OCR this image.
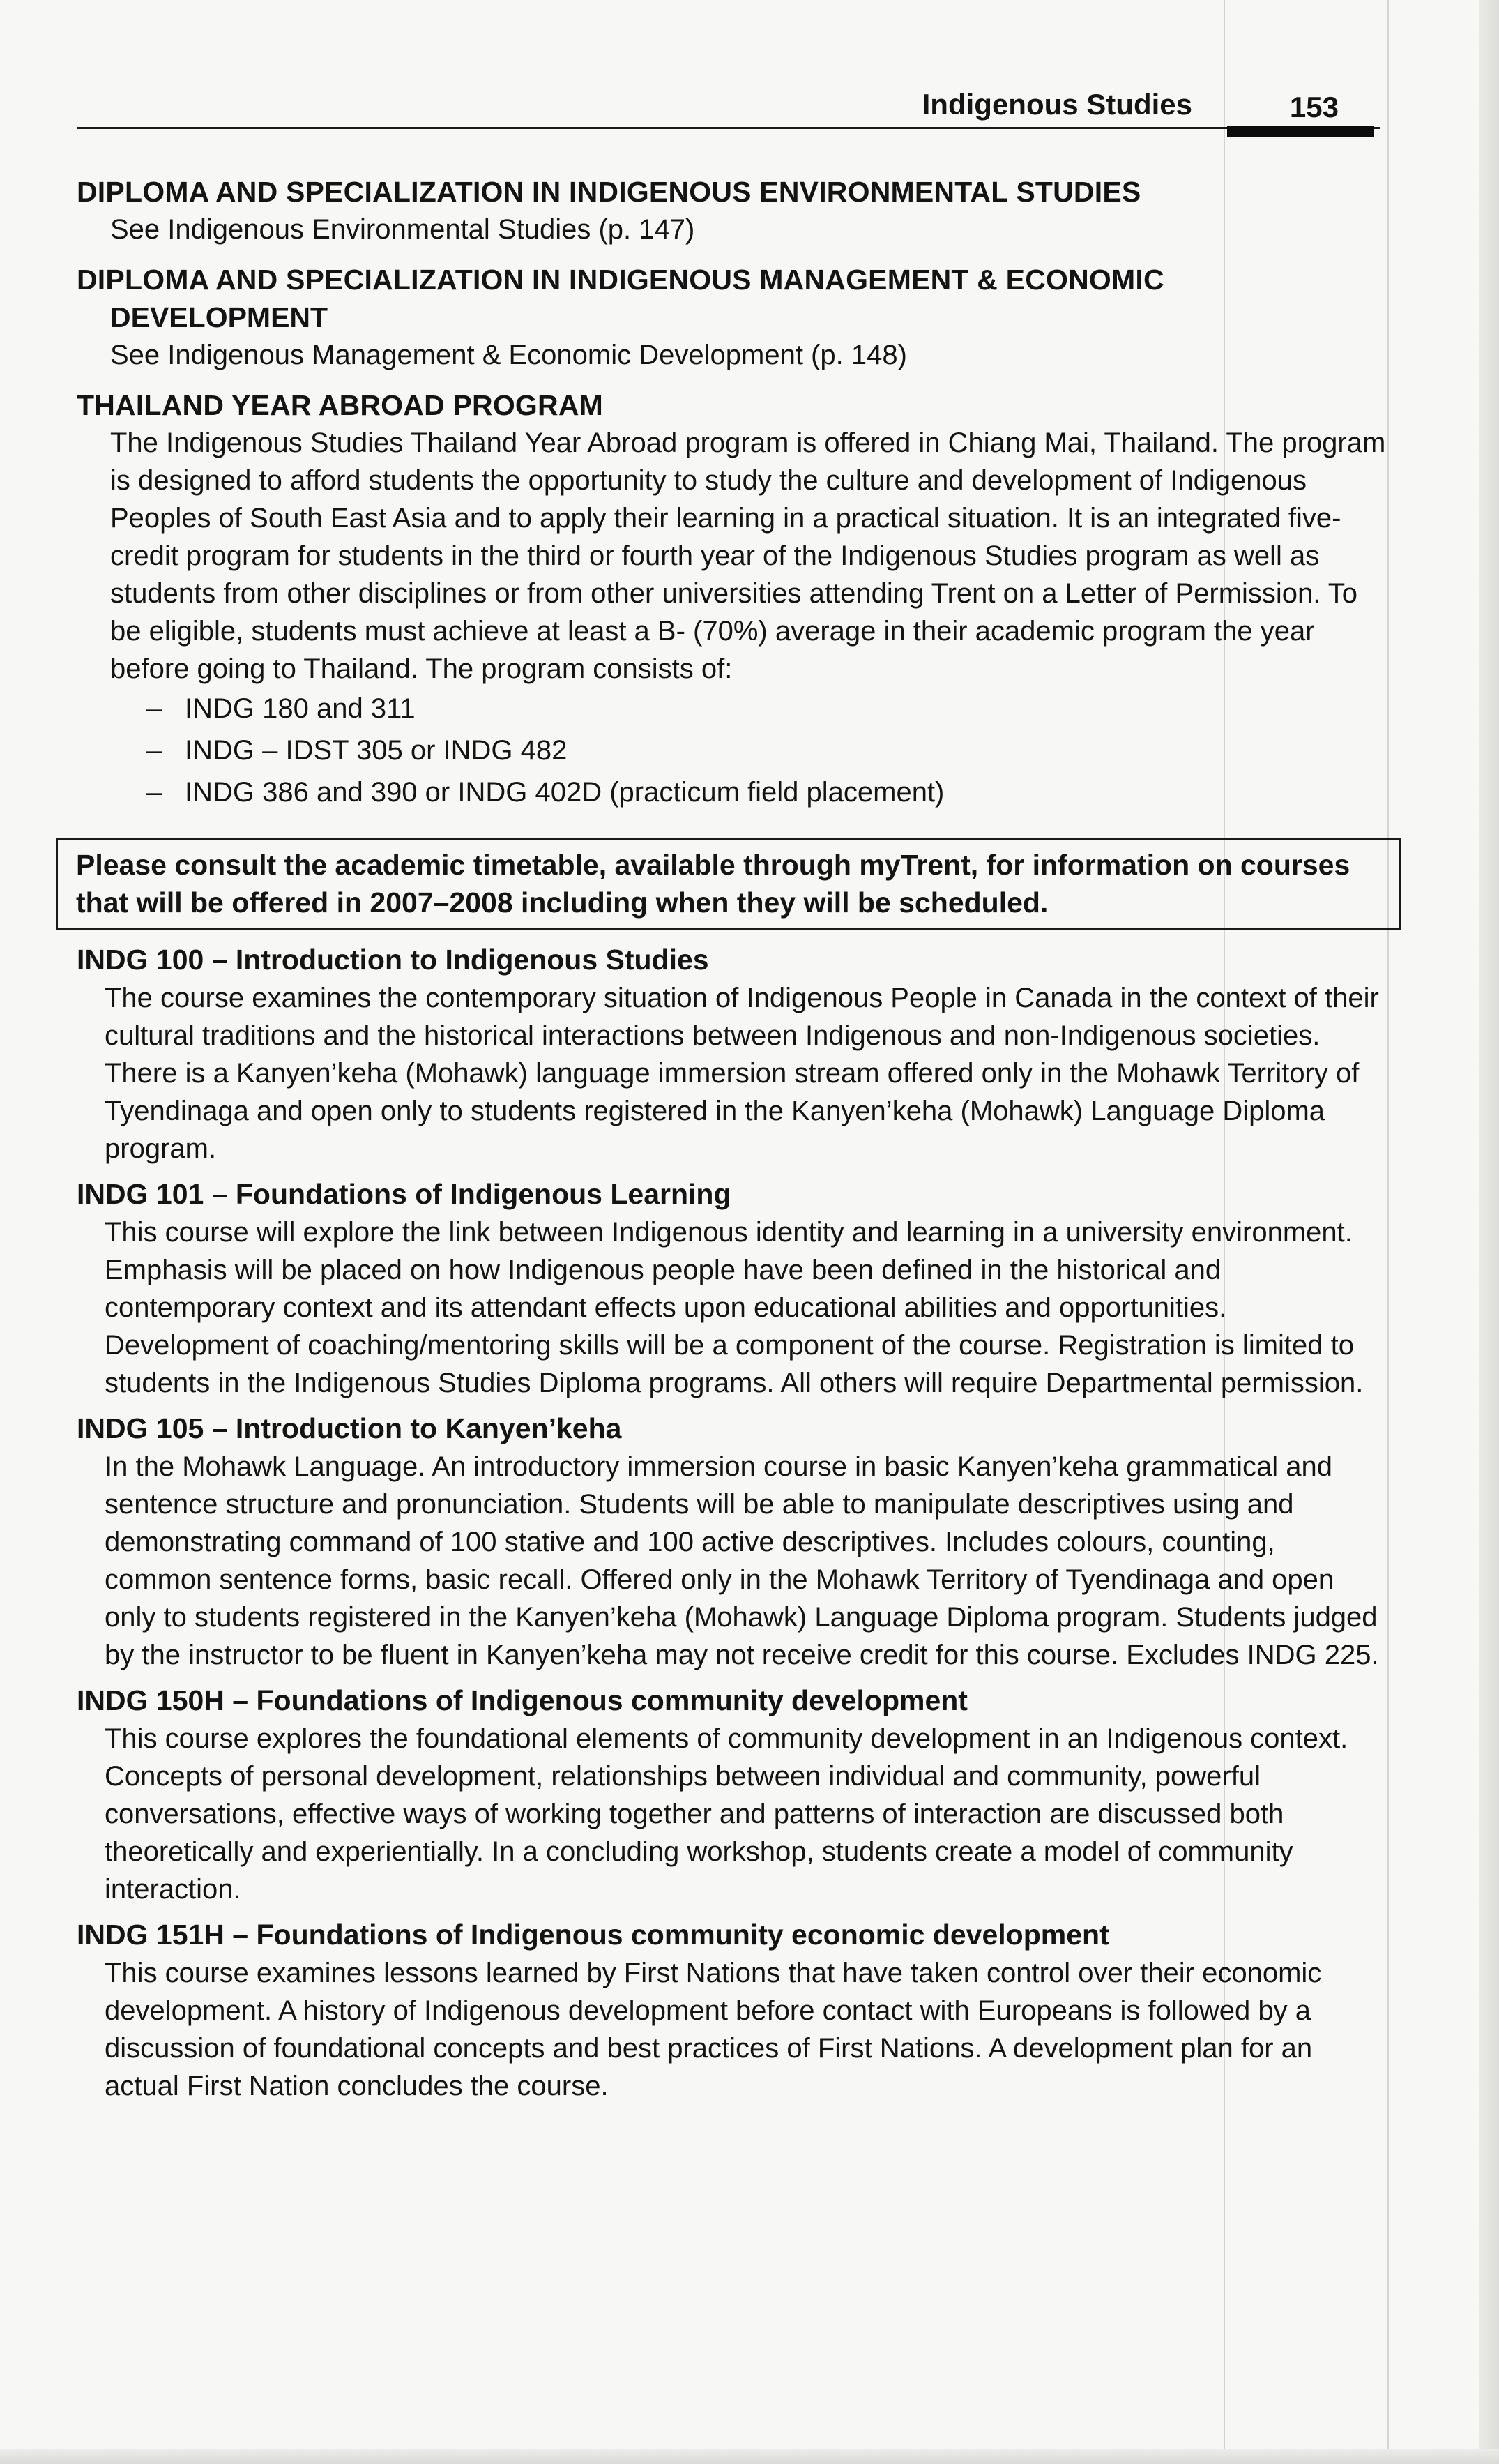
Indigenous Studies	153
DIPLOMA AND SPECIALIZATION IN INDIGENOUS ENVIRONMENTAL STUDIES

See Indigenous Environmental Studies (p. 147)

DIPLOMA AND SPECIALIZATION IN INDIGENOUS MANAGEMENT & ECONOMIC
DEVELOPMENT

See Indigenous Management & Economic Development (p. 148)

THAILAND YEAR ABROAD PROGRAM

The Indigenous Studies Thailand Year Abroad program is offered in Chiang Mai, Thailand. The program is designed to afford students the opportunity to study the culture and development of Indigenous Peoples of South East Asia and to apply their learning in a practical situation. It is an integrated five-credit program for students in the third or fourth year of the Indigenous Studies program as well as students from other disciplines or from other universities attending Trent on a Letter of Permission. To be eligible, students must achieve at least a B- (70%) average in their academic program the year before going to Thailand. The program consists of:

– INDG 180 and 311
– INDG – IDST 305 or INDG 482
– INDG 386 and 390 or INDG 402D (practicum field placement)
Please consult the academic timetable, available through myTrent, for information on courses that will be offered in 2007–2008 including when they will be scheduled.
INDG 100 – Introduction to Indigenous Studies

The course examines the contemporary situation of Indigenous People in Canada in the context of their cultural traditions and the historical interactions between Indigenous and non-Indigenous societies. There is a Kanyen’keha (Mohawk) language immersion stream offered only in the Mohawk Territory of Tyendinaga and open only to students registered in the Kanyen’keha (Mohawk) Language Diploma program.

INDG 101 – Foundations of Indigenous Learning

This course will explore the link between Indigenous identity and learning in a university environment. Emphasis will be placed on how Indigenous people have been defined in the historical and contemporary context and its attendant effects upon educational abilities and opportunities. Development of coaching/mentoring skills will be a component of the course. Registration is limited to students in the Indigenous Studies Diploma programs. All others will require Departmental permission.

INDG 105 – Introduction to Kanyen’keha

In the Mohawk Language. An introductory immersion course in basic Kanyen’keha grammatical and sentence structure and pronunciation. Students will be able to manipulate descriptives using and demonstrating command of 100 stative and 100 active descriptives. Includes colours, counting, common sentence forms, basic recall. Offered only in the Mohawk Territory of Tyendinaga and open only to students registered in the Kanyen’keha (Mohawk) Language Diploma program. Students judged by the instructor to be fluent in Kanyen’keha may not receive credit for this course. Excludes INDG 225.

INDG 150H – Foundations of Indigenous community development

This course explores the foundational elements of community development in an Indigenous context. Concepts of personal development, relationships between individual and community, powerful conversations, effective ways of working together and patterns of interaction are discussed both theoretically and experientially. In a concluding workshop, students create a model of community interaction.

INDG 151H – Foundations of Indigenous community economic development

This course examines lessons learned by First Nations that have taken control over their economic development. A history of Indigenous development before contact with Europeans is followed by a discussion of foundational concepts and best practices of First Nations. A development plan for an actual First Nation concludes the course.
